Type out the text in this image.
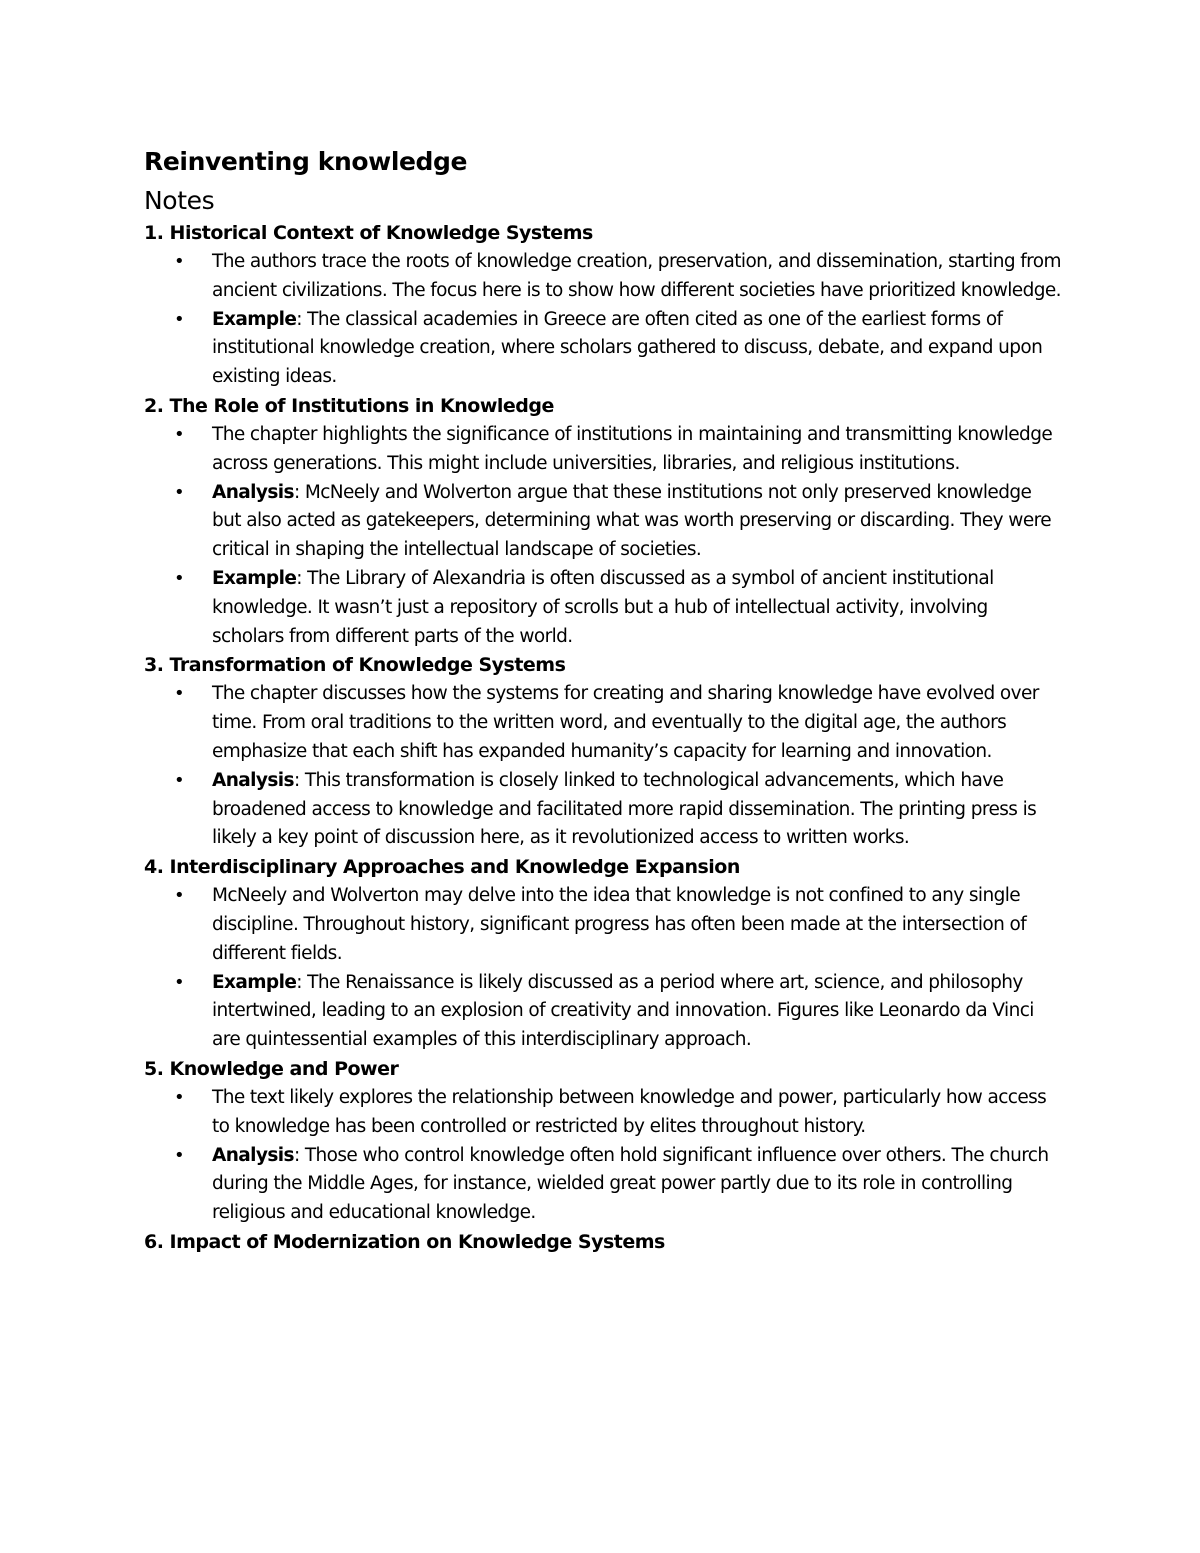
Reinventing knowledge
Notes
1. Historical Context of Knowledge Systems
• The authors trace the roots of knowledge creation, preservation, and dissemination, starting from ancient civilizations. The focus here is to show how different societies have prioritized knowledge.
• Example: The classical academies in Greece are often cited as one of the earliest forms of institutional knowledge creation, where scholars gathered to discuss, debate, and expand upon existing ideas.
2. The Role of Institutions in Knowledge
• The chapter highlights the significance of institutions in maintaining and transmitting knowledge across generations. This might include universities, libraries, and religious institutions.
• Analysis: McNeely and Wolverton argue that these institutions not only preserved knowledge but also acted as gatekeepers, determining what was worth preserving or discarding. They were critical in shaping the intellectual landscape of societies.
• Example: The Library of Alexandria is often discussed as a symbol of ancient institutional knowledge. It wasn’t just a repository of scrolls but a hub of intellectual activity, involving scholars from different parts of the world.
3. Transformation of Knowledge Systems
• The chapter discusses how the systems for creating and sharing knowledge have evolved over time. From oral traditions to the written word, and eventually to the digital age, the authors emphasize that each shift has expanded humanity’s capacity for learning and innovation.
• Analysis: This transformation is closely linked to technological advancements, which have broadened access to knowledge and facilitated more rapid dissemination. The printing press is likely a key point of discussion here, as it revolutionized access to written works.
4. Interdisciplinary Approaches and Knowledge Expansion
• McNeely and Wolverton may delve into the idea that knowledge is not confined to any single discipline. Throughout history, significant progress has often been made at the intersection of different fields.
• Example: The Renaissance is likely discussed as a period where art, science, and philosophy intertwined, leading to an explosion of creativity and innovation. Figures like Leonardo da Vinci are quintessential examples of this interdisciplinary approach.
5. Knowledge and Power
• The text likely explores the relationship between knowledge and power, particularly how access to knowledge has been controlled or restricted by elites throughout history.
• Analysis: Those who control knowledge often hold significant influence over others. The church during the Middle Ages, for instance, wielded great power partly due to its role in controlling religious and educational knowledge.
6. Impact of Modernization on Knowledge Systems
